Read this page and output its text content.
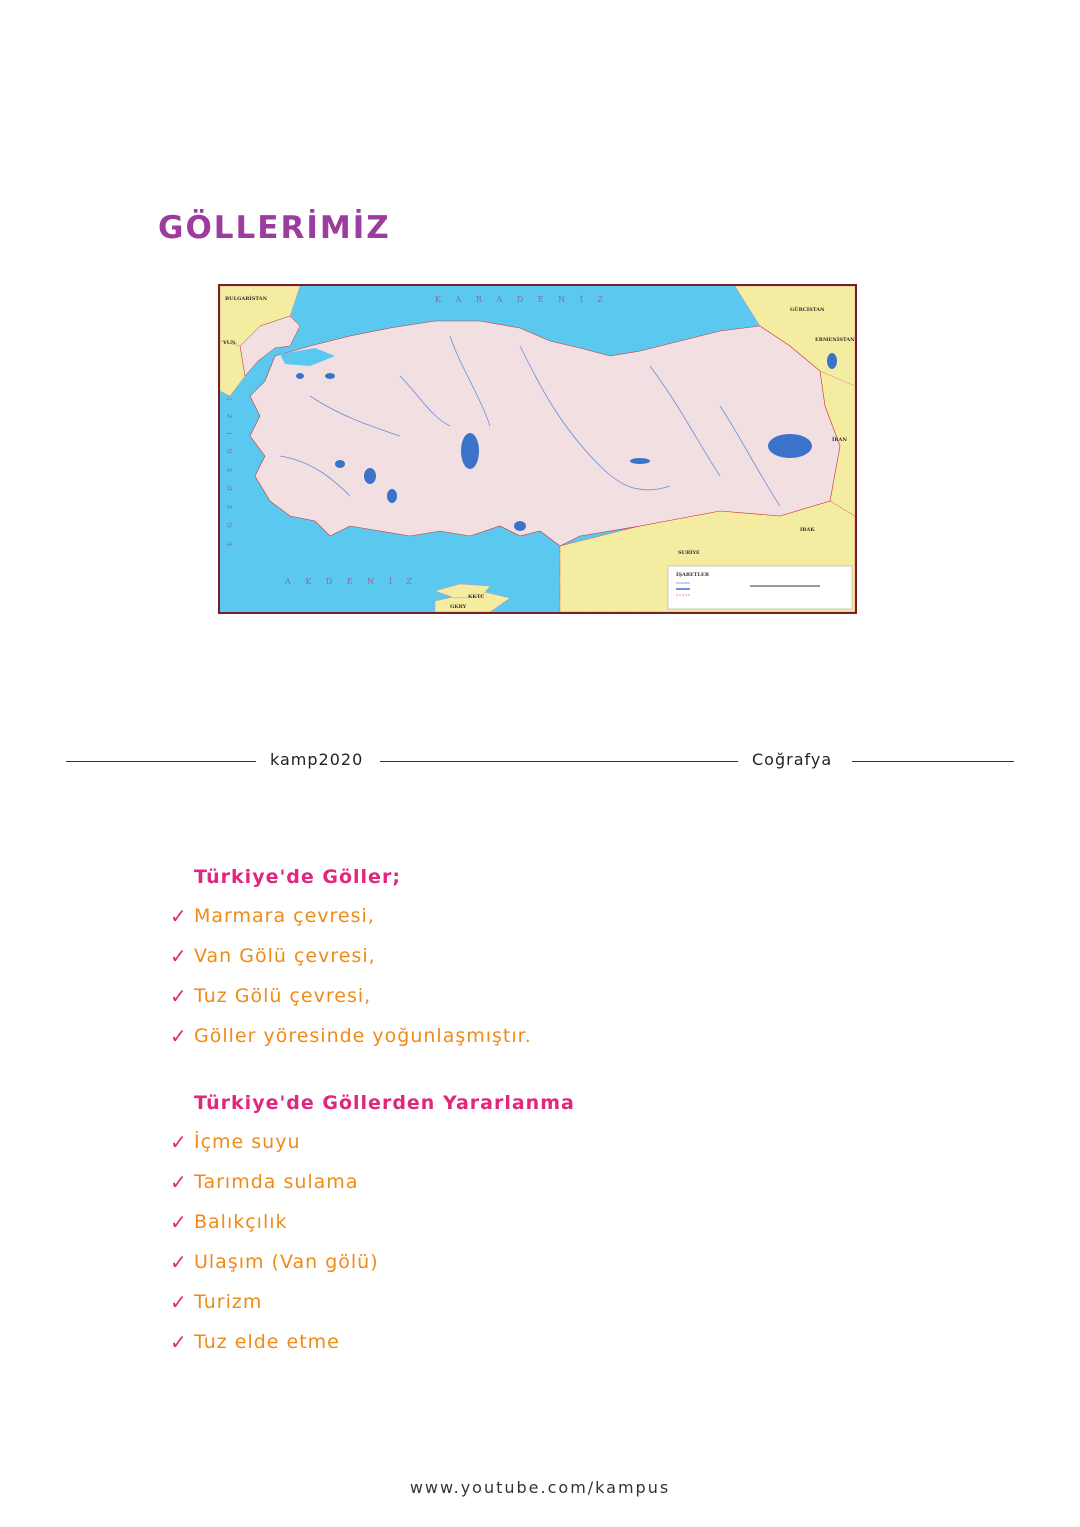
GÖLLERİMİZ
K A R A D E N İ Z
A K D E N İ Z
E G E D E N İ Z İ
BULGARİSTAN
YUN.
GÜRCİSTAN
ERMENİSTAN
İRAN
IRAK
SURİYE
KKTC
GKRY
İŞARETLER
kamp2020	Coğrafya
Türkiye'de Göller;
✓ Marmara çevresi,
✓ Van Gölü çevresi,
✓ Tuz Gölü çevresi,
✓ Göller yöresinde yoğunlaşmıştır.
Türkiye'de Göllerden Yararlanma
✓ İçme suyu
✓ Tarımda sulama
✓ Balıkçılık
✓ Ulaşım (Van gölü)
✓ Turizm
✓ Tuz elde etme
www.youtube.com/kampus
